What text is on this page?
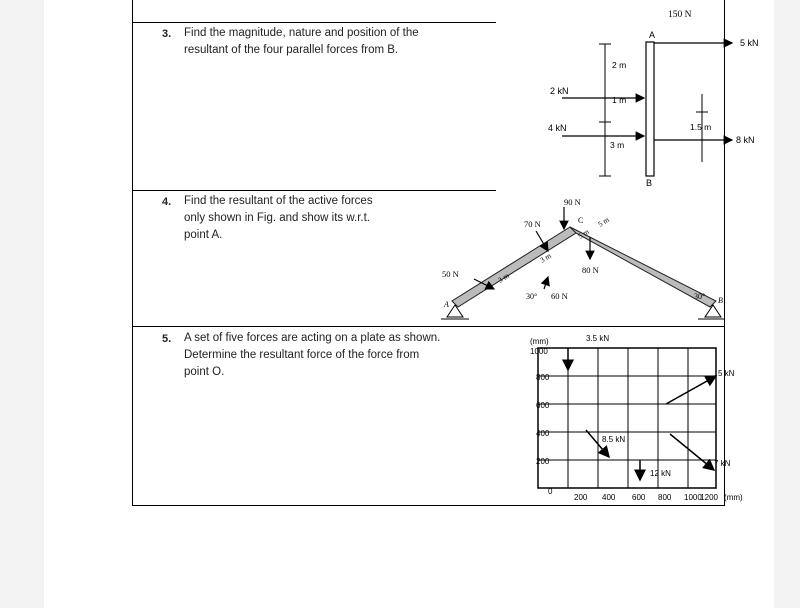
3. Find the magnitude, nature and position of the
resultant of the four parallel forces from B.
4. Find the resultant of the active forces
only shown in Fig. and show its w.r.t.
point A.
5. A set of five forces are acting on a plate as shown.
Determine the resultant force of the force from
point O.
150 N
A
5 kN
8 kN
2 kN
4 kN
2 m
1 m
3 m
1.5 m
B
90 N
70 N
50 N	80 N
60 N
3 m
3 m
5 m
5 m
30°	30°
A	B
C
(mm)
1000
800
600
400
200
0
200 400 600 800 1000
1200 (mm)
3.5 kN
5 kN
8.5 kN
7 kN
12 kN
